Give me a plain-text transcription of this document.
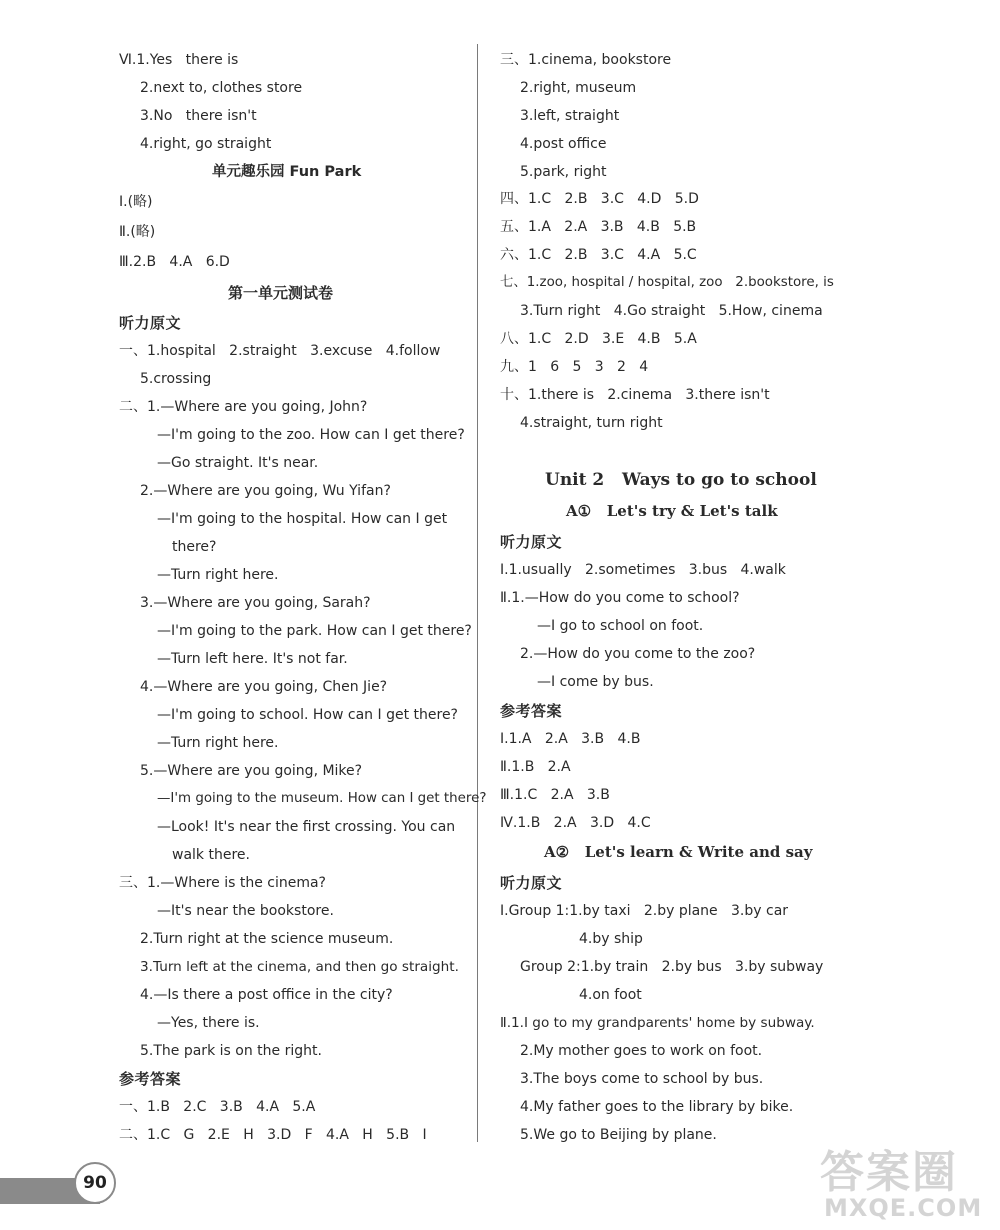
Ⅵ.1.Yes   there is
2.next to, clothes store
3.No   there isn't
4.right, go straight
单元趣乐园 Fun Park
Ⅰ.(略)
Ⅱ.(略)
Ⅲ.2.B   4.A   6.D
第一单元测试卷
听力原文
一、1.hospital   2.straight   3.excuse   4.follow
5.crossing
二、1.—Where are you going, John?
—I'm going to the zoo. How can I get there?
—Go straight. It's near.
2.—Where are you going, Wu Yifan?
—I'm going to the hospital. How can I get
there?
—Turn right here.
3.—Where are you going, Sarah?
—I'm going to the park. How can I get there?
—Turn left here. It's not far.
4.—Where are you going, Chen Jie?
—I'm going to school. How can I get there?
—Turn right here.
5.—Where are you going, Mike?
—I'm going to the museum. How can I get there?
—Look! It's near the first crossing. You can
walk there.
三、1.—Where is the cinema?
—It's near the bookstore.
2.Turn right at the science museum.
3.Turn left at the cinema, and then go straight.
4.—Is there a post office in the city?
—Yes, there is.
5.The park is on the right.
参考答案
一、1.B   2.C   3.B   4.A   5.A
二、1.C   G   2.E   H   3.D   F   4.A   H   5.B   I
三、1.cinema, bookstore
2.right, museum
3.left, straight
4.post office
5.park, right
四、1.C   2.B   3.C   4.D   5.D
五、1.A   2.A   3.B   4.B   5.B
六、1.C   2.B   3.C   4.A   5.C
七、1.zoo, hospital / hospital, zoo   2.bookstore, is
3.Turn right   4.Go straight   5.How, cinema
八、1.C   2.D   3.E   4.B   5.A
九、1   6   5   3   2   4
十、1.there is   2.cinema   3.there isn't
4.straight, turn right
Unit 2   Ways to go to school
A①   Let's try & Let's talk
听力原文
Ⅰ.1.usually   2.sometimes   3.bus   4.walk
Ⅱ.1.—How do you come to school?
—I go to school on foot.
2.—How do you come to the zoo?
—I come by bus.
参考答案
Ⅰ.1.A   2.A   3.B   4.B
Ⅱ.1.B   2.A
Ⅲ.1.C   2.A   3.B
Ⅳ.1.B   2.A   3.D   4.C
A②   Let's learn & Write and say
听力原文
Ⅰ.Group 1:1.by taxi   2.by plane   3.by car
4.by ship
Group 2:1.by train   2.by bus   3.by subway
4.on foot
Ⅱ.1.I go to my grandparents' home by subway.
2.My mother goes to work on foot.
3.The boys come to school by bus.
4.My father goes to the library by bike.
5.We go to Beijing by plane.
90	答案圈
MXQE.COM
